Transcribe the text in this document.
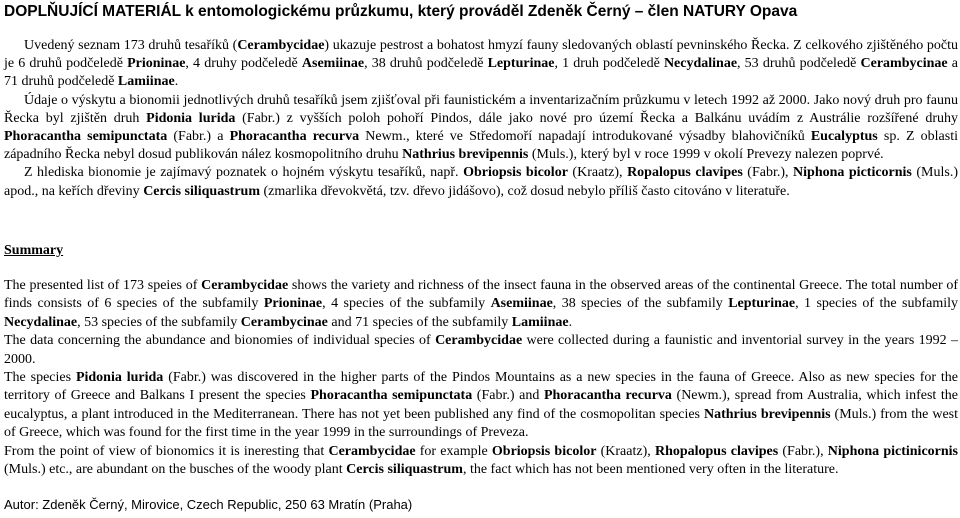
DOPLŇUJÍCÍ MATERIÁL k entomologickému průzkumu, který prováděl Zdeněk Černý – člen NATURY Opava

Uvedený seznam 173 druhů tesaříků (Cerambycidae) ukazuje pestrost a bohatost hmyzí fauny sledovaných oblastí pevninského Řecka. Z celkového zjištěného počtu je 6 druhů podčeledě Prioninae, 4 druhy podčeledě Asemiinae, 38 druhů podčeledě Lepturinae, 1 druh podčeledě Necydalinae, 53 druhů podčeledě Cerambycinae a 71 druhů podčeledě Lamiinae.

Údaje o výskytu a bionomii jednotlivých druhů tesaříků jsem zjišťoval při faunistickém a inventarizačním průzkumu v letech 1992 až 2000. Jako nový druh pro faunu Řecka byl zjištěn druh Pidonia lurida (Fabr.) z vyšších poloh pohoří Pindos, dále jako nové pro území Řecka a Balkánu uvádím z Austrálie rozšířené druhy Phoracantha semipunctata (Fabr.) a Phoracantha recurva Newm., které ve Středomoří napadají introdukované výsadby blahovičníků Eucalyptus sp. Z oblasti západního Řecka nebyl dosud publikován nález kosmopolitního druhu Nathrius brevipennis (Muls.), který byl v roce 1999 v okolí Prevezy nalezen poprvé.

Z hlediska bionomie je zajímavý poznatek o hojném výskytu tesaříků, např. Obriopsis bicolor (Kraatz), Ropalopus clavipes (Fabr.), Niphona picticornis (Muls.) apod., na keřích dřeviny Cercis siliquastrum (zmarlika dřevokvětá, tzv. dřevo jidášovo), což dosud nebylo příliš často citováno v literatuře.

Summary

The presented list of 173 speies of Cerambycidae shows the variety and richness of the insect fauna in the observed areas of the continental Greece. The total number of finds consists of 6 species of the subfamily Prioninae, 4 species of the subfamily Asemiinae, 38 species of the subfamily Lepturinae, 1 species of the subfamily Necydalinae, 53 species of the subfamily Cerambycinae and 71 species of the subfamily Lamiinae.

The data concerning the abundance and bionomies of individual species of Cerambycidae were collected during a faunistic and inventorial survey in the years 1992 – 2000.

The species Pidonia lurida (Fabr.) was discovered in the higher parts of the Pindos Mountains as a new species in the fauna of Greece. Also as new species for the territory of Greece and Balkans I present the species Phoracantha semipunctata (Fabr.) and Phoracantha recurva (Newm.), spread from Australia, which infest the eucalyptus, a plant introduced in the Mediterranean. There has not yet been published any find of the cosmopolitan species Nathrius brevipennis (Muls.) from the west of Greece, which was found for the first time in the year 1999 in the surroundings of Preveza.

From the point of view of bionomics it is ineresting that Cerambycidae for example Obriopsis bicolor (Kraatz), Rhopalopus clavipes (Fabr.), Niphona pictinicornis (Muls.) etc., are abundant on the busches of the woody plant Cercis siliquastrum, the fact which has not been mentioned very often in the literature.

Autor: Zdeněk Černý, Mirovice, Czech Republic, 250 63 Mratín (Praha)
